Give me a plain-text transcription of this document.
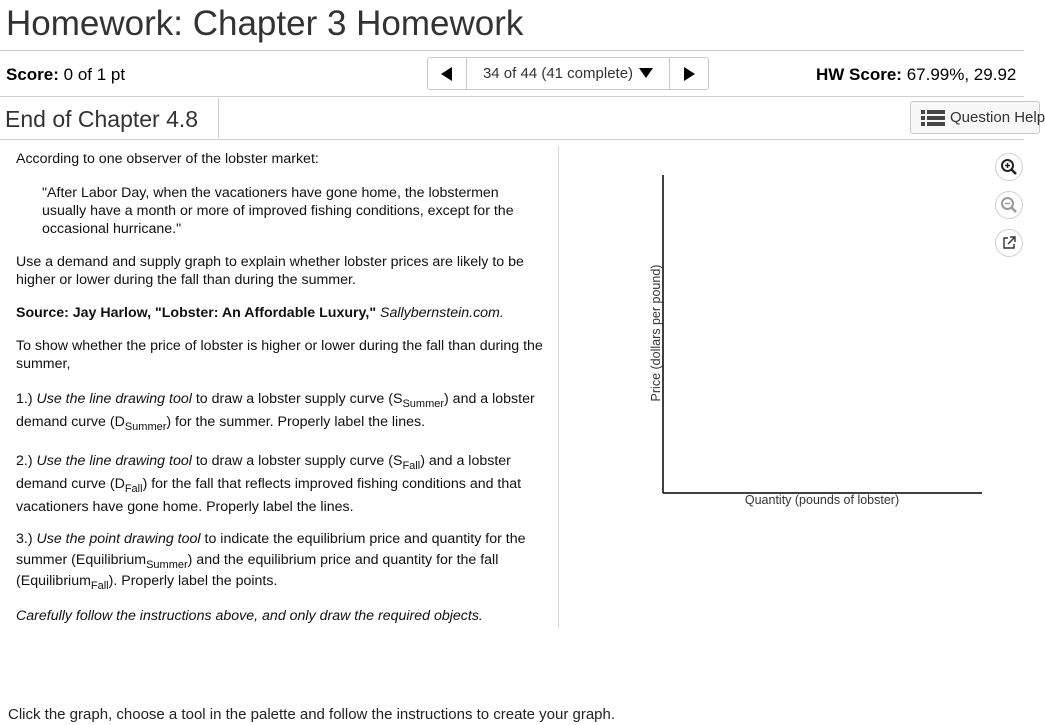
Homework: Chapter 3 Homework
Score: 0 of 1 pt	34 of 44 (41 complete)	HW Score: 67.99%, 29.92
End of Chapter 4.8	Question Help

According to one observer of the lobster market:

"After Labor Day, when the vacationers have gone home, the lobstermen usually have a month or more of improved fishing conditions, except for the occasional hurricane."

Use a demand and supply graph to explain whether lobster prices are likely to be higher or lower during the fall than during the summer.

Source: Jay Harlow, "Lobster: An Affordable Luxury," Sallybernstein.com.

To show whether the price of lobster is higher or lower during the fall than during the summer,

1.) Use the line drawing tool to draw a lobster supply curve $(S_{Summer})$ and a lobster demand curve $(D_{Summer})$ for the summer. Properly label the lines.

2.) Use the line drawing tool to draw a lobster supply curve $(S_{Fall})$ and a lobster demand curve $(D_{Fall})$ for the fall that reflects improved fishing conditions and that vacationers have gone home. Properly label the lines.

3.) Use the point drawing tool to indicate the equilibrium price and quantity for the summer (Equilibrium$_{Summer}$) and the equilibrium price and quantity for the fall (Equilibrium$_{Fall}$). Properly label the points.

Carefully follow the instructions above, and only draw the required objects.

Price (dollars per pound)
Quantity (pounds of lobster)
Click the graph, choose a tool in the palette and follow the instructions to create your graph.
